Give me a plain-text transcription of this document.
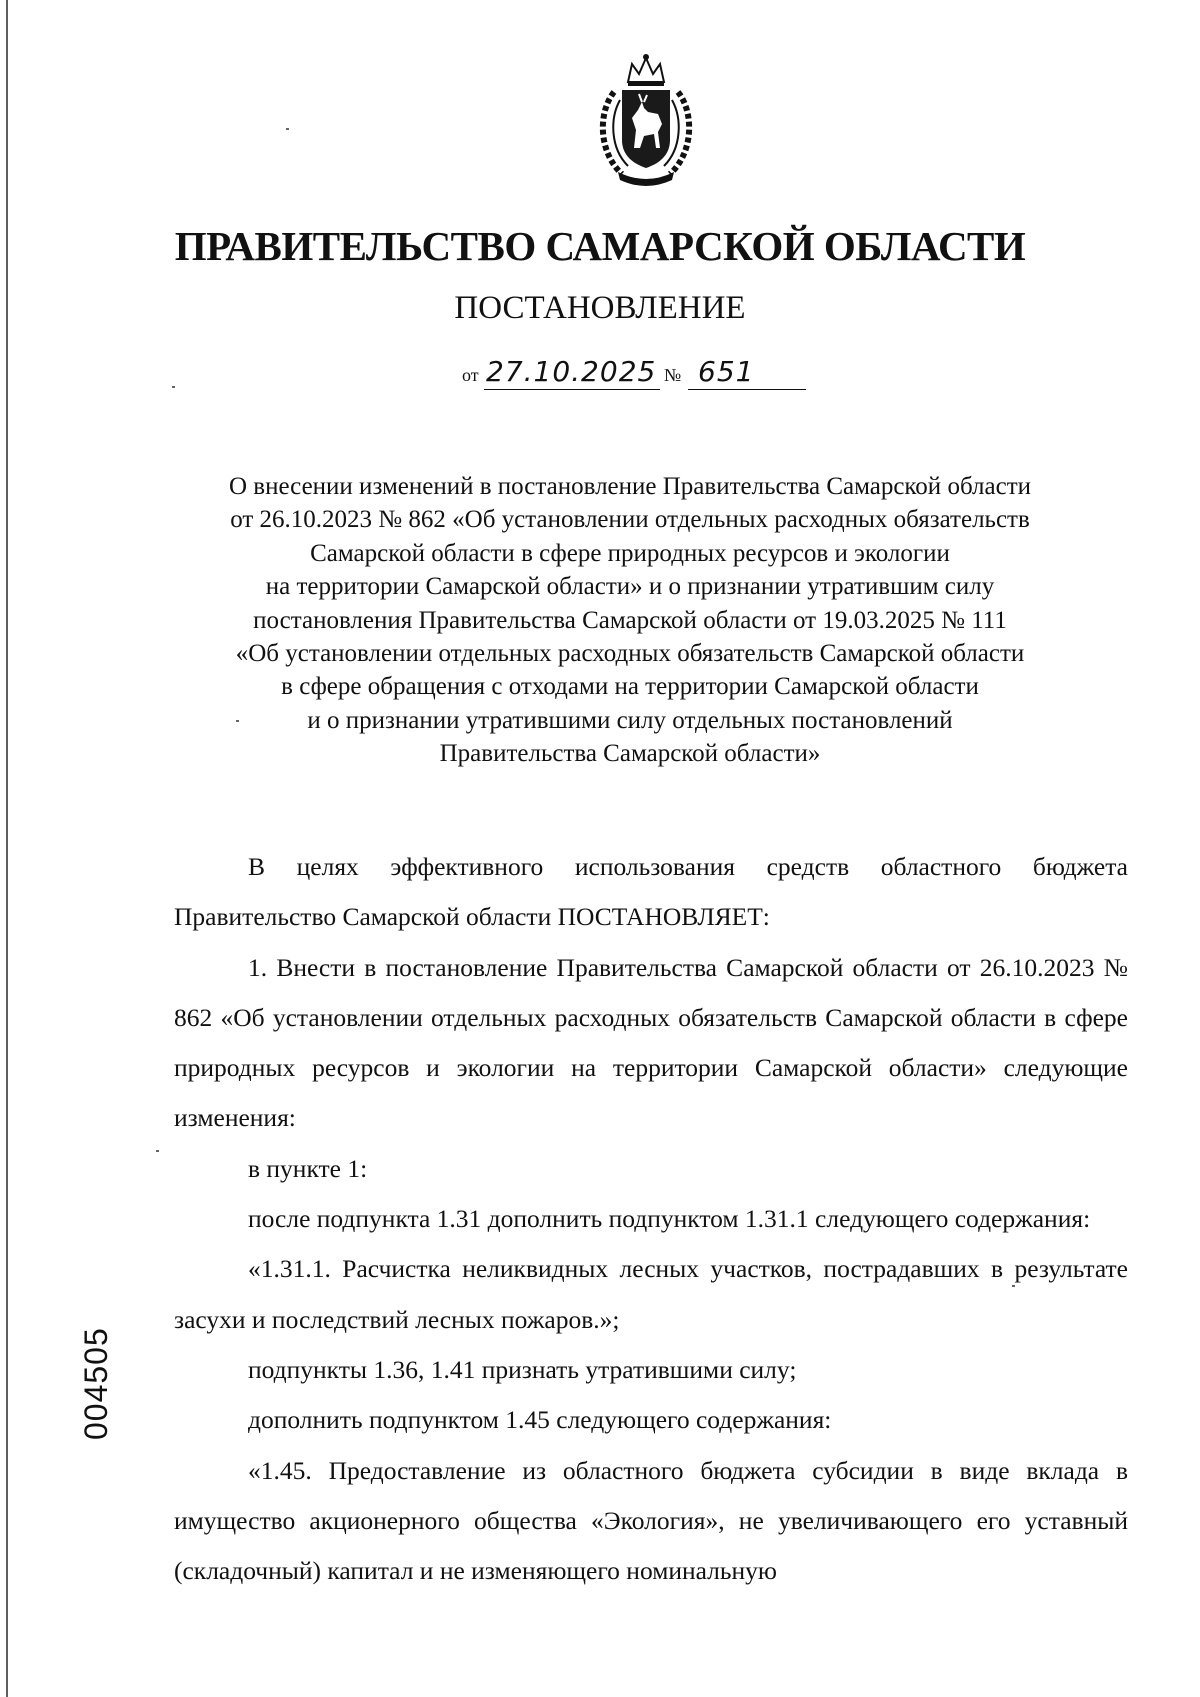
ПРАВИТЕЛЬСТВО САМАРСКОЙ ОБЛАСТИ
ПОСТАНОВЛЕНИЕ
от 27.10.2025 № 651
О внесении изменений в постановление Правительства Самарской области
от 26.10.2023 № 862 «Об установлении отдельных расходных обязательств
Самарской области в сфере природных ресурсов и экологии
на территории Самарской области» и о признании утратившим силу
постановления Правительства Самарской области от 19.03.2025 № 111
«Об установлении отдельных расходных обязательств Самарской области
в сфере обращения с отходами на территории Самарской области
и о признании утратившими силу отдельных постановлений
Правительства Самарской области»

В целях эффективного использования средств областного бюджета Правительство Самарской области ПОСТАНОВЛЯЕТ:

1. Внести в постановление Правительства Самарской области от 26.10.2023 № 862 «Об установлении отдельных расходных обязательств Самарской области в сфере природных ресурсов и экологии на территории Самарской области» следующие изменения:

в пункте 1:

после подпункта 1.31 дополнить подпунктом 1.31.1 следующего содержания:

«1.31.1. Расчистка неликвидных лесных участков, пострадавших в результате засухи и последствий лесных пожаров.»;

подпункты 1.36, 1.41 признать утратившими силу;

дополнить подпунктом 1.45 следующего содержания:

«1.45. Предоставление из областного бюджета субсидии в виде вклада в имущество акционерного общества «Экология», не увеличивающего его уставный (складочный) капитал и не изменяющего номинальную

004505
